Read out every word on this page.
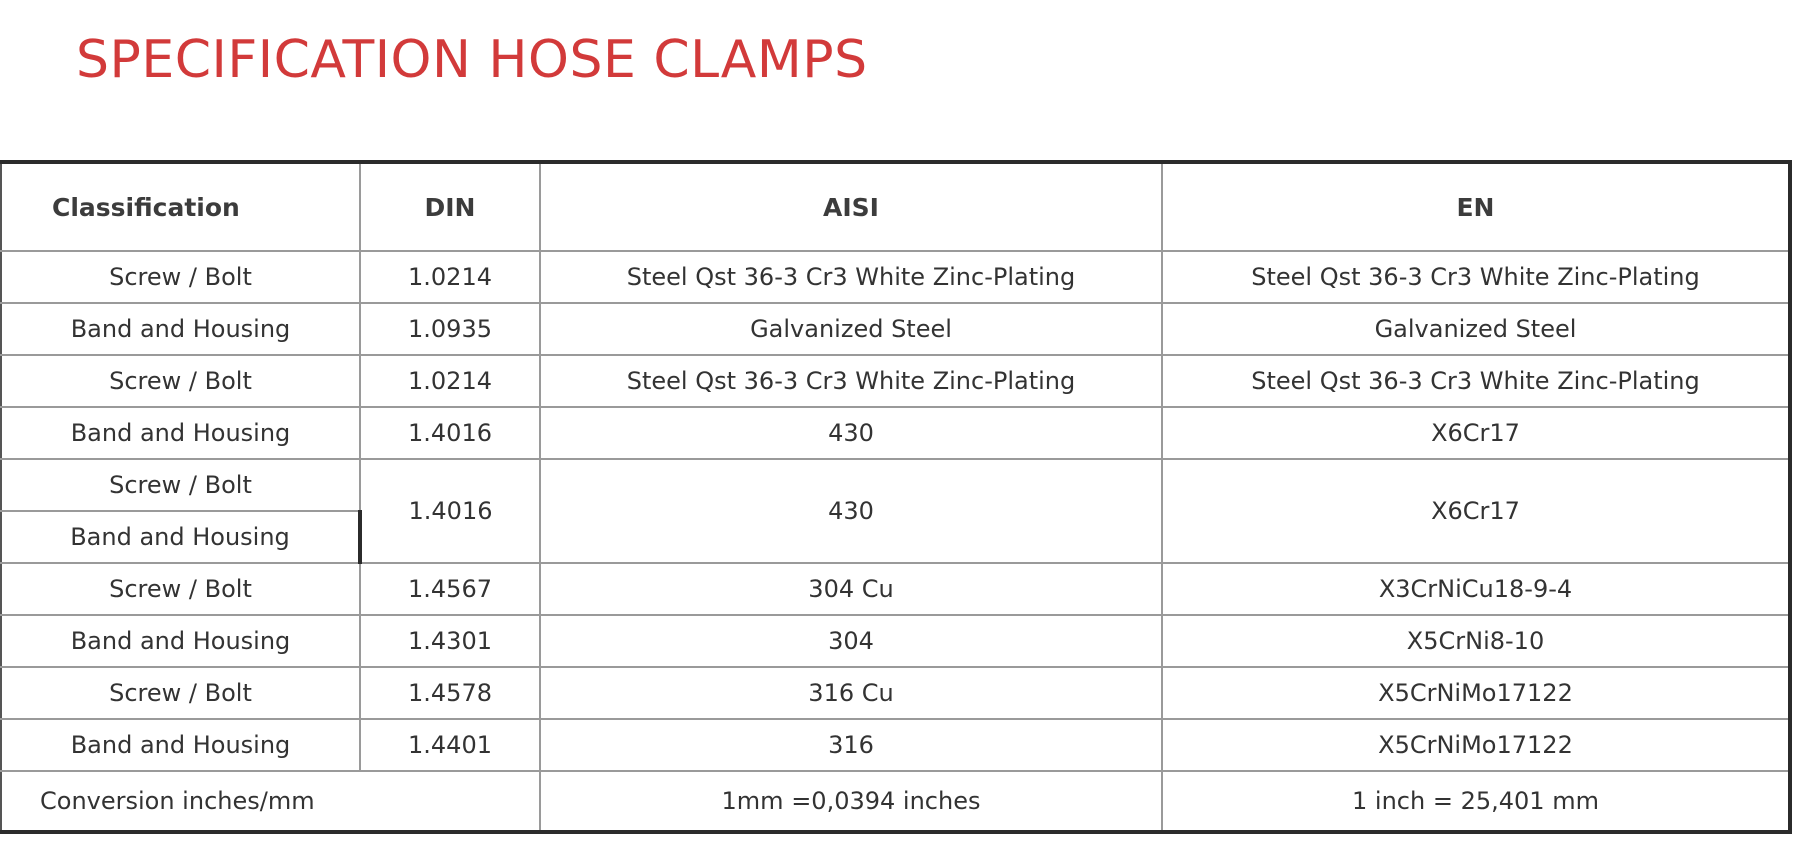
SPECIFICATION HOSE CLAMPS
Classification	DIN	AISI	EN
Screw / Bolt	1.0214	Steel Qst 36-3 Cr3 White Zinc-Plating	Steel Qst 36-3 Cr3 White Zinc-Plating
Band and Housing	1.0935	Galvanized Steel	Galvanized Steel
Screw / Bolt	1.0214	Steel Qst 36-3 Cr3 White Zinc-Plating	Steel Qst 36-3 Cr3 White Zinc-Plating
Band and Housing	1.4016	430	X6Cr17
Screw / Bolt	1.4016	430	X6Cr17
Band and Housing			
Screw / Bolt	1.4567	304 Cu	X3CrNiCu18-9-4
Band and Housing	1.4301	304	X5CrNi8-10
Screw / Bolt	1.4578	316 Cu	X5CrNiMo17122
Band and Housing	1.4401	316	X5CrNiMo17122
Conversion inches/mm		1mm =0,0394 inches	1 inch = 25,401 mm
